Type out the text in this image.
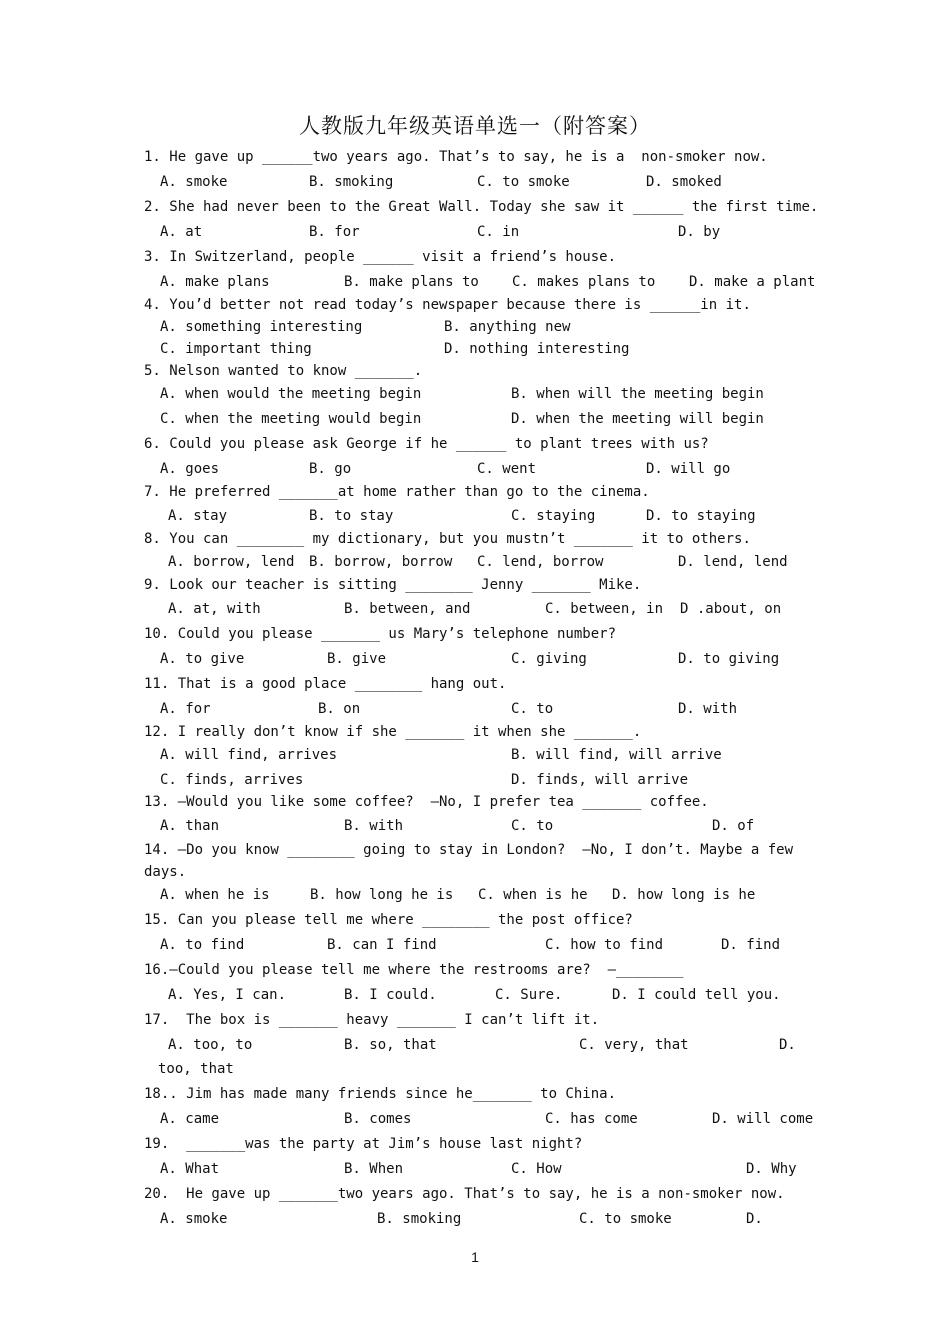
人教版九年级英语单选一（附答案）
1. He gave up ______two years ago. That’s to say, he is a  non-smoker now.
A. smoke	B. smoking	C. to smoke	D. smoked
2. She had never been to the Great Wall. Today she saw it ______ the first time.
A. at	B. for	C. in	D. by
3. In Switzerland, people ______ visit a friend’s house.
A. make plans	B. make plans to C. makes plans to D. make a plant
4. You’d better not read today’s newspaper because there is ______in it.
A. something interesting	B. anything new
C. important thing	D. nothing interesting
5. Nelson wanted to know _______.
A. when would the meeting begin	B. when will the meeting begin
C. when the meeting would begin	D. when the meeting will begin
6. Could you please ask George if he ______ to plant trees with us?
A. goes	B. go	C. went	D. will go
7. He preferred _______at home rather than go to the cinema.
A. stay	B. to stay	C. staying	D. to staying
8. You can ________ my dictionary, but you mustn’t _______ it to others.
A. borrow, lend B. borrow, borrow C. lend, borrow	D. lend, lend
9. Look our teacher is sitting ________ Jenny _______ Mike.
A. at, with	B. between, and	C. between, in D .about, on
10. Could you please _______ us Mary’s telephone number?
A. to give	B. give	C. giving	D. to giving
11. That is a good place ________ hang out.
A. for	B. on	C. to	D. with
12. I really don’t know if she _______ it when she _______.
A. will find, arrives	B. will find, will arrive
C. finds, arrives	D. finds, will arrive
13. —Would you like some coffee?  —No, I prefer tea _______ coffee.
A. than	B. with	C. to	D. of
14. —Do you know ________ going to stay in London?  —No, I don’t. Maybe a few
days.
A. when he is	B. how long he is C. when is he D. how long is he
15. Can you please tell me where ________ the post office?
A. to find	B. can I find	C. how to find	D. find
16.—Could you please tell me where the restrooms are?  —________
A. Yes, I can.	B. I could.	C. Sure.	D. I could tell you.
17.  The box is _______ heavy _______ I can’t lift it.
A. too, to	B. so, that	C. very, that	D.
too, that
18.. Jim has made many friends since he_______ to China.
A. came	B. comes	C. has come	D. will come
19.  _______was the party at Jim’s house last night?
A. What	B. When	C. How	D. Why
20.  He gave up _______two years ago. That’s to say, he is a non-smoker now.
A. smoke	B. smoking	C. to smoke	D.
1
